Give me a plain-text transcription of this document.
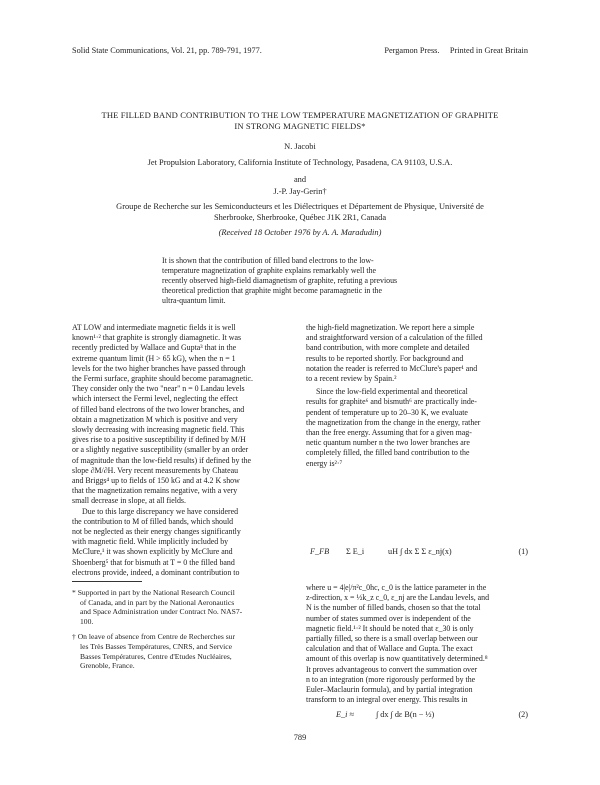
Solid State Communications, Vol. 21, pp. 789-791, 1977.	Pergamon Press. Printed in Great Britain
THE FILLED BAND CONTRIBUTION TO THE LOW TEMPERATURE MAGNETIZATION OF GRAPHITE
IN STRONG MAGNETIC FIELDS*
N. Jacobi
Jet Propulsion Laboratory, California Institute of Technology, Pasadena, CA 91103, U.S.A.
and
J.-P. Jay-Gerin†
Groupe de Recherche sur les Semiconducteurs et les Diélectriques et Département de Physique, Université de
Sherbrooke, Sherbrooke, Québec J1K 2R1, Canada
(Received 18 October 1976 by A. A. Maradudin)
It is shown that the contribution of filled band electrons to the low-
temperature magnetization of graphite explains remarkably well the
recently observed high-field diamagnetism of graphite, refuting a previous
theoretical prediction that graphite might become paramagnetic in the
ultra-quantum limit.
AT LOW and intermediate magnetic fields it is well
known¹·² that graphite is strongly diamagnetic. It was
recently predicted by Wallace and Gupta³ that in the
extreme quantum limit (H > 65 kG), when the n = 1
levels for the two higher branches have passed through
the Fermi surface, graphite should become paramagnetic.
They consider only the two "near" n = 0 Landau levels
which intersect the Fermi level, neglecting the effect
of filled band electrons of the two lower branches, and
obtain a magnetization M which is positive and very
slowly decreasing with increasing magnetic field. This
gives rise to a positive susceptibility if defined by M/H
or a slightly negative susceptibility (smaller by an order
of magnitude than the low-field results) if defined by the
slope ∂M/∂H. Very recent measurements by Chateau
and Briggs⁴ up to fields of 150 kG and at 4.2 K show
that the magnetization remains negative, with a very
small decrease in slope, at all fields.
Due to this large discrepancy we have considered
the contribution to M of filled bands, which should
not be neglected as their energy changes significantly
with magnetic field. While implicitly included by
McClure,¹ it was shown explicitly by McClure and
Shoenberg⁵ that for bismuth at T = 0 the filled band
electrons provide, indeed, a dominant contribution to
* Supported in part by the National Research Council
of Canada, and in part by the National Aeronautics
and Space Administration under Contract No. NAS7-
100.
† On leave of absence from Centre de Recherches sur
les Très Basses Températures, CNRS, and Service
Basses Températures, Centre d'Etudes Nucléaires,
Grenoble, France.
the high-field magnetization. We report here a simple
and straightforward version of a calculation of the filled
band contribution, with more complete and detailed
results to be reported shortly. For background and
notation the reader is referred to McClure's paper¹ and
to a recent review by Spain.²
Since the low-field experimental and theoretical
results for graphite⁶ and bismuth⁶ are practically inde-
pendent of temperature up to 20–30 K, we evaluate
the magnetization from the change in the energy, rather
than the free energy. Assuming that for a given mag-
netic quantum number n the two lower branches are
completely filled, the filled band contribution to the
energy is²·⁷
F_FB Σ E_i	uH ∫ dx Σ Σ ε_nj(x)	(1)
where u = 4|e|/π²c_0hc, c_0 is the lattice parameter in the
z-direction, x = ½k_z c_0, ε_nj are the Landau levels, and
N is the number of filled bands, chosen so that the total
number of states summed over is independent of the
magnetic field.¹·² It should be noted that ε_30 is only
partially filled, so there is a small overlap between our
calculation and that of Wallace and Gupta. The exact
amount of this overlap is now quantitatively determined.⁸
It proves advantageous to convert the summation over
n to an integration (more rigorously performed by the
Euler–Maclaurin formula), and by partial integration
transform to an integral over energy. This results in
E_i ≈	∫ dx ∫ dε B(n − ½)	(2)
789
